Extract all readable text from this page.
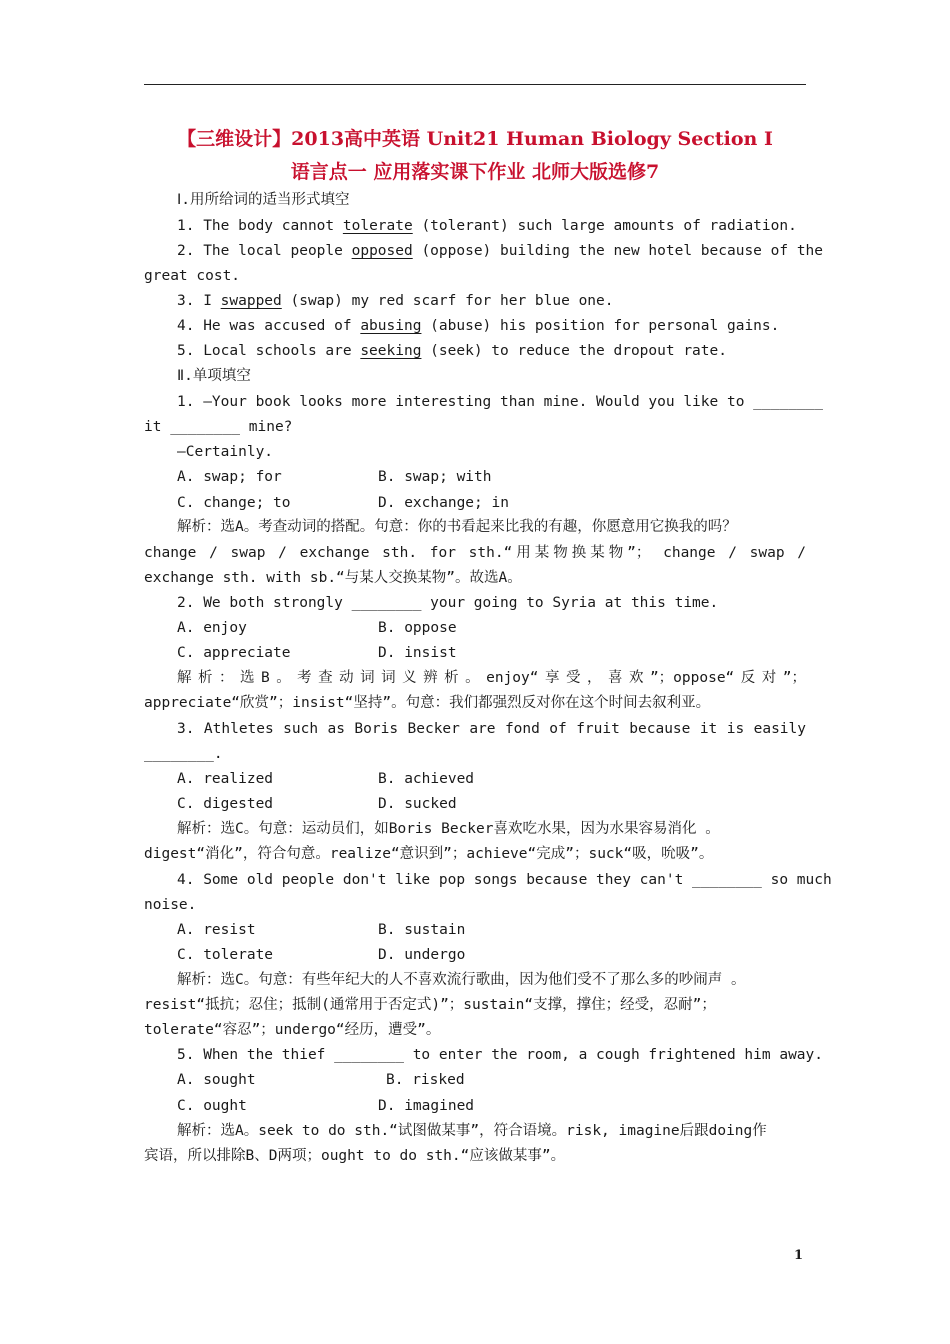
【三维设计】2013高中英语 Unit21 Human Biology Section Ⅰ
语言点一 应用落实课下作业 北师大版选修7
Ⅰ.用所给词的适当形式填空
1. The body cannot tolerate (tolerant) such large amounts of radiation.
2. The local people opposed (oppose) building the new hotel because of the
great cost.
3. I swapped (swap) my red scarf for her blue one.
4. He was accused of abusing (abuse) his position for personal gains.
5. Local schools are seeking (seek) to reduce the dropout rate.
Ⅱ.单项填空
1. —Your book looks more interesting than mine. Would you like to ________
it ________ mine?
—Certainly.
A. swap; for	B. swap; with
C. change; to	D. exchange; in
解析：选A。考查动词的搭配。句意：你的书看起来比我的有趣，你愿意用它换我的吗？
change / swap / exchange sth. for sth.“用某物换某物”； change / swap /
exchange sth. with sb.“与某人交换某物”。故选A。
2. We both strongly ________ your going to Syria at this time.
A. enjoy	B. oppose
C. appreciate	D. insist
解析：选B。考查动词词义辨析。enjoy“享受，喜欢”；oppose“反对”；
appreciate“欣赏”；insist“坚持”。句意：我们都强烈反对你在这个时间去叙利亚。
3. Athletes such as Boris Becker are fond of fruit because it is easily
________.
A. realized	B. achieved
C. digested	D. sucked
解析：选C。句意：运动员们，如Boris Becker喜欢吃水果，因为水果容易消化 。
digest“消化”，符合句意。realize“意识到”；achieve“完成”；suck“吸，吮吸”。
4. Some old people don't like pop songs because they can't ________ so much
noise.
A. resist	B. sustain
C. tolerate	D. undergo
解析：选C。句意：有些年纪大的人不喜欢流行歌曲，因为他们受不了那么多的吵闹声 。
resist“抵抗；忍住；抵制(通常用于否定式)”；sustain“支撑，撑住；经受，忍耐”；
tolerate“容忍”；undergo“经历，遭受”。
5. When the thief ________ to enter the room, a cough frightened him away.
A. sought	B. risked
C. ought	D. imagined
解析：选A。seek to do sth.“试图做某事”，符合语境。risk, imagine后跟doing作
宾语，所以排除B、D两项；ought to do sth.“应该做某事”。
1
